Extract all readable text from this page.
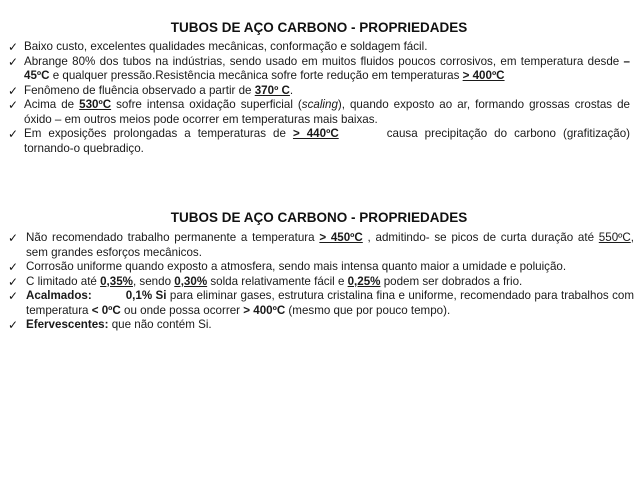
TUBOS DE AÇO CARBONO - PROPRIEDADES
✓ Baixo custo, excelentes qualidades mecânicas, conformação e soldagem fácil.
✓ Abrange 80% dos tubos na indústrias, sendo usado em muitos fluidos poucos corrosivos, em temperatura desde –45ºC e qualquer pressão.Resistência mecânica sofre forte redução em temperaturas > 400ºC
✓ Fenômeno de fluência observado a partir de 370º C.
✓ Acima de 530ºC sofre intensa oxidação superficial (scaling), quando exposto ao ar, formando grossas crostas de óxido – em outros meios pode ocorrer em temperaturas mais baixas.
✓ Em exposições prolongadas a temperaturas de > 440ºC	causa precipitação do carbono (grafitização) tornando-o quebradiço.
TUBOS DE AÇO CARBONO - PROPRIEDADES
✓ Não recomendado trabalho permanente a temperatura > 450ºC , admitindo- se picos de curta duração até 550ºC, sem grandes esforços mecânicos.
✓ Corrosão uniforme quando exposto a atmosfera, sendo mais intensa quanto maior a umidade e poluição.
✓ C limitado até 0,35%, sendo 0,30% solda relativamente fácil e 0,25% podem ser dobrados a frio.
✓ Acalmados:	0,1% Si para eliminar gases, estrutura cristalina fina e uniforme, recomendado para trabalhos com temperatura < 0ºC ou onde possa ocorrer > 400ºC (mesmo que por pouco tempo).
✓ Efervescentes: que não contém Si.
